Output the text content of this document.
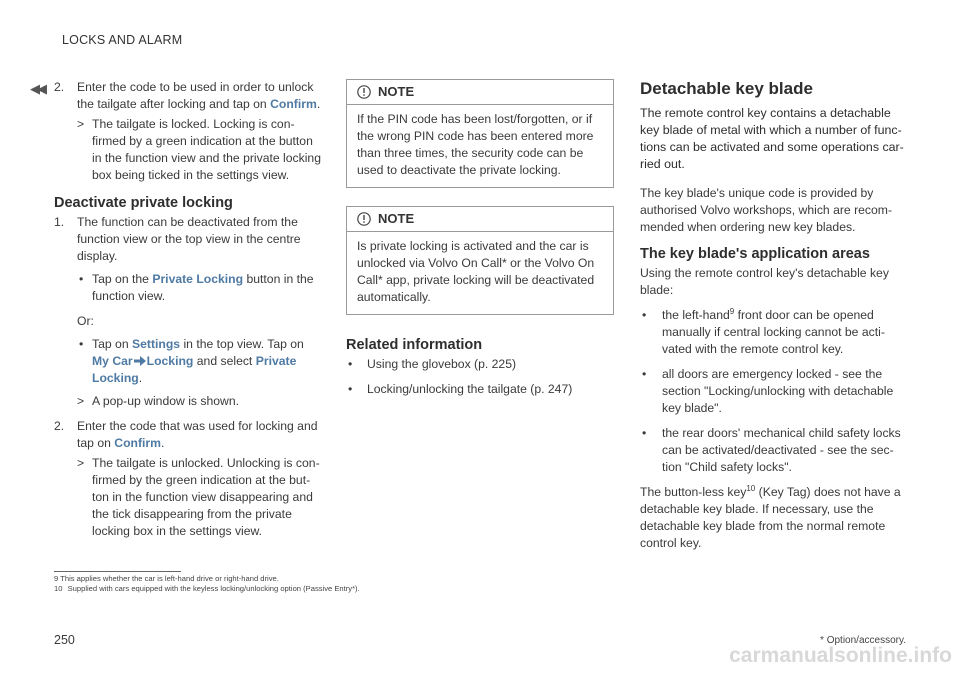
LOCKS AND ALARM
◀◀ 2. Enter the code to be used in order to unlock the tailgate after locking and tap on Confirm.
> The tailgate is locked. Locking is confirmed by a green indication at the button in the function view and the private locking box being ticked in the settings view.
Deactivate private locking
1. The function can be deactivated from the function view or the top view in the centre display.
• Tap on the Private Locking button in the function view.
Or:
• Tap on Settings in the top view. Tap on My Car Locking and select Private Locking.
> A pop-up window is shown.
2. Enter the code that was used for locking and tap on Confirm.
> The tailgate is unlocked. Unlocking is confirmed by the green indication at the button in the function view disappearing and the tick disappearing from the private locking box in the settings view.
NOTE
If the PIN code has been lost/forgotten, or if the wrong PIN code has been entered more than three times, the security code can be used to deactivate the private locking.
NOTE
Is private locking is activated and the car is unlocked via Volvo On Call* or the Volvo On Call* app, private locking will be deactivated automatically.
Related information
• Using the glovebox (p. 225)
• Locking/unlocking the tailgate (p. 247)
Detachable key blade
The remote control key contains a detachable key blade of metal with which a number of functions can be activated and some operations carried out.

The key blade's unique code is provided by authorised Volvo workshops, which are recommended when ordering new key blades.

The key blade's application areas
Using the remote control key's detachable key blade:
• the left-hand$^9$ front door can be opened manually if central locking cannot be activated with the remote control key.
• all doors are emergency locked - see the section "Locking/unlocking with detachable key blade".
• the rear doors' mechanical child safety locks can be activated/deactivated - see the section "Child safety locks".

The button-less key$^{10}$ (Key Tag) does not have a detachable key blade. If necessary, use the detachable key blade from the normal remote control key.

9 This applies whether the car is left-hand drive or right-hand drive.
10 Supplied with cars equipped with the keyless locking/unlocking option (Passive Entry*).
250	* Option/accessory.
carmanualsonline.info
